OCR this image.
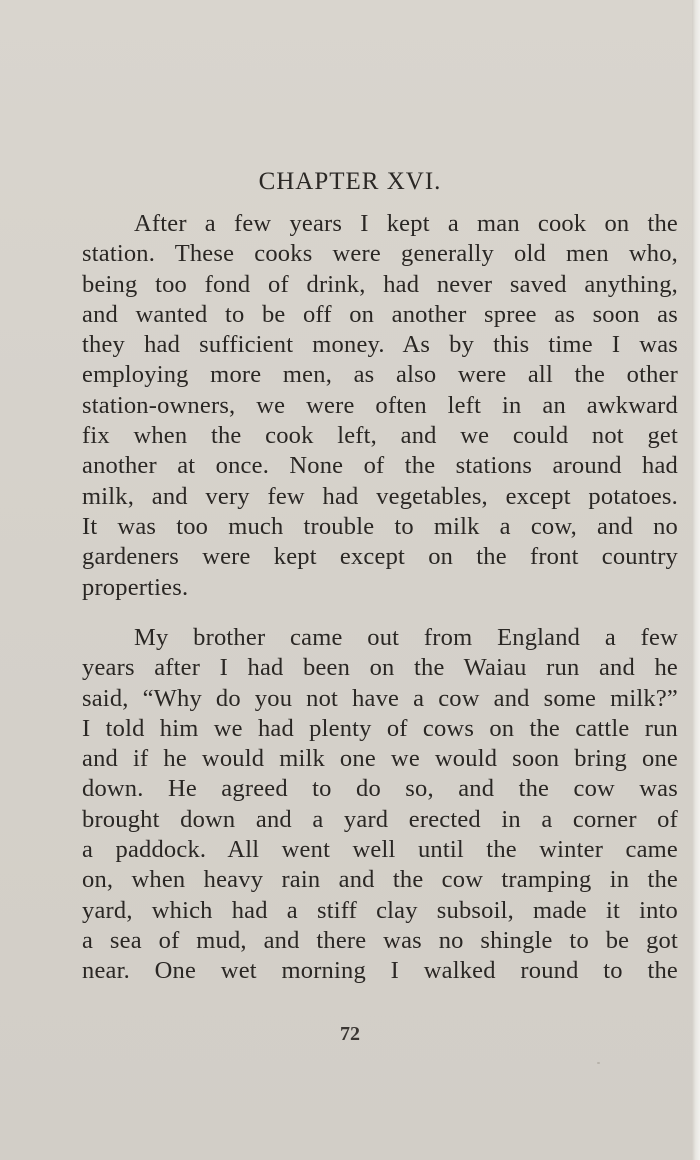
CHAPTER XVI.
After a few years I kept a man cook on the
station. These cooks were generally old men who,
being too fond of drink, had never saved anything,
and wanted to be off on another spree as soon as
they had sufficient money. As by this time I was
employing more men, as also were all the other
station-owners, we were often left in an awkward
fix when the cook left, and we could not get
another at once. None of the stations around had
milk, and very few had vegetables, except potatoes.
It was too much trouble to milk a cow, and no
gardeners were kept except on the front country
properties.
My brother came out from England a few
years after I had been on the Waiau run and he
said, “Why do you not have a cow and some milk?”
I told him we had plenty of cows on the cattle run
and if he would milk one we would soon bring one
down. He agreed to do so, and the cow was
brought down and a yard erected in a corner of
a paddock. All went well until the winter came
on, when heavy rain and the cow tramping in the
yard, which had a stiff clay subsoil, made it into
a sea of mud, and there was no shingle to be got
near. One wet morning I walked round to the

72
